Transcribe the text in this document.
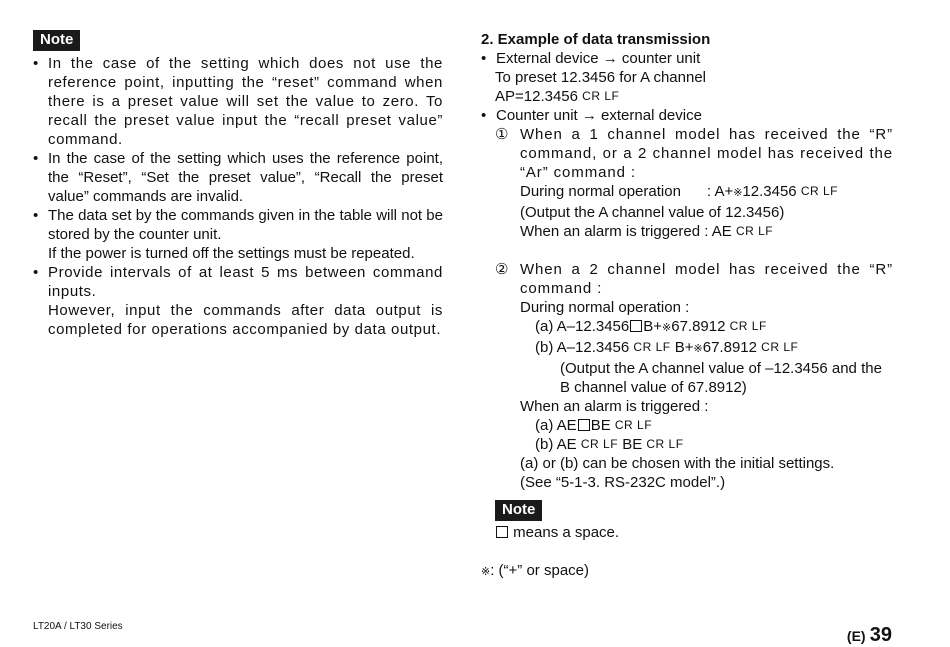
Note

• In the case of the setting which does not use the reference point, inputting the “reset” command when there is a preset value will set the value to zero. To recall the preset value input the “recall preset value” command.

• In the case of the setting which uses the reference point, the “Reset”, “Set the preset value”, “Recall the preset value” commands are invalid.

• The data set by the commands given in the table will not be stored by the counter unit.

If the power is turned off the settings must be repeated.

• Provide intervals of at least 5 ms between command inputs.

However, input the commands after data output is completed for operations accompanied by data output.

2. Example of data transmission

• External device → counter unit

To preset 12.3456 for A channel
AP=12.3456 CR LF

• Counter unit → external device

① When a 1 channel model has received the “R” command, or a 2 channel model has received the “Ar” command :
During normal operation : A+※12.3456 CR LF
(Output the A channel value of 12.3456)
When an alarm is triggered : AE CR LF
② When a 2 channel model has received the “R” command :
During normal operation :
(a) A–12.3456 B+※67.8912 CR LF
(b) A–12.3456 CR LF B+※67.8912 CR LF
(Output the A channel value of –12.3456 and the
B channel value of 67.8912)
When an alarm is triggered :
(a) AE BE CR LF
(b) AE CR LF BE CR LF
(a) or (b) can be chosen with the initial settings.
(See “5-1-3. RS-232C model”.)
Note
means a space.
※: (“+” or space)
LT20A / LT30 Series
(E) 39
